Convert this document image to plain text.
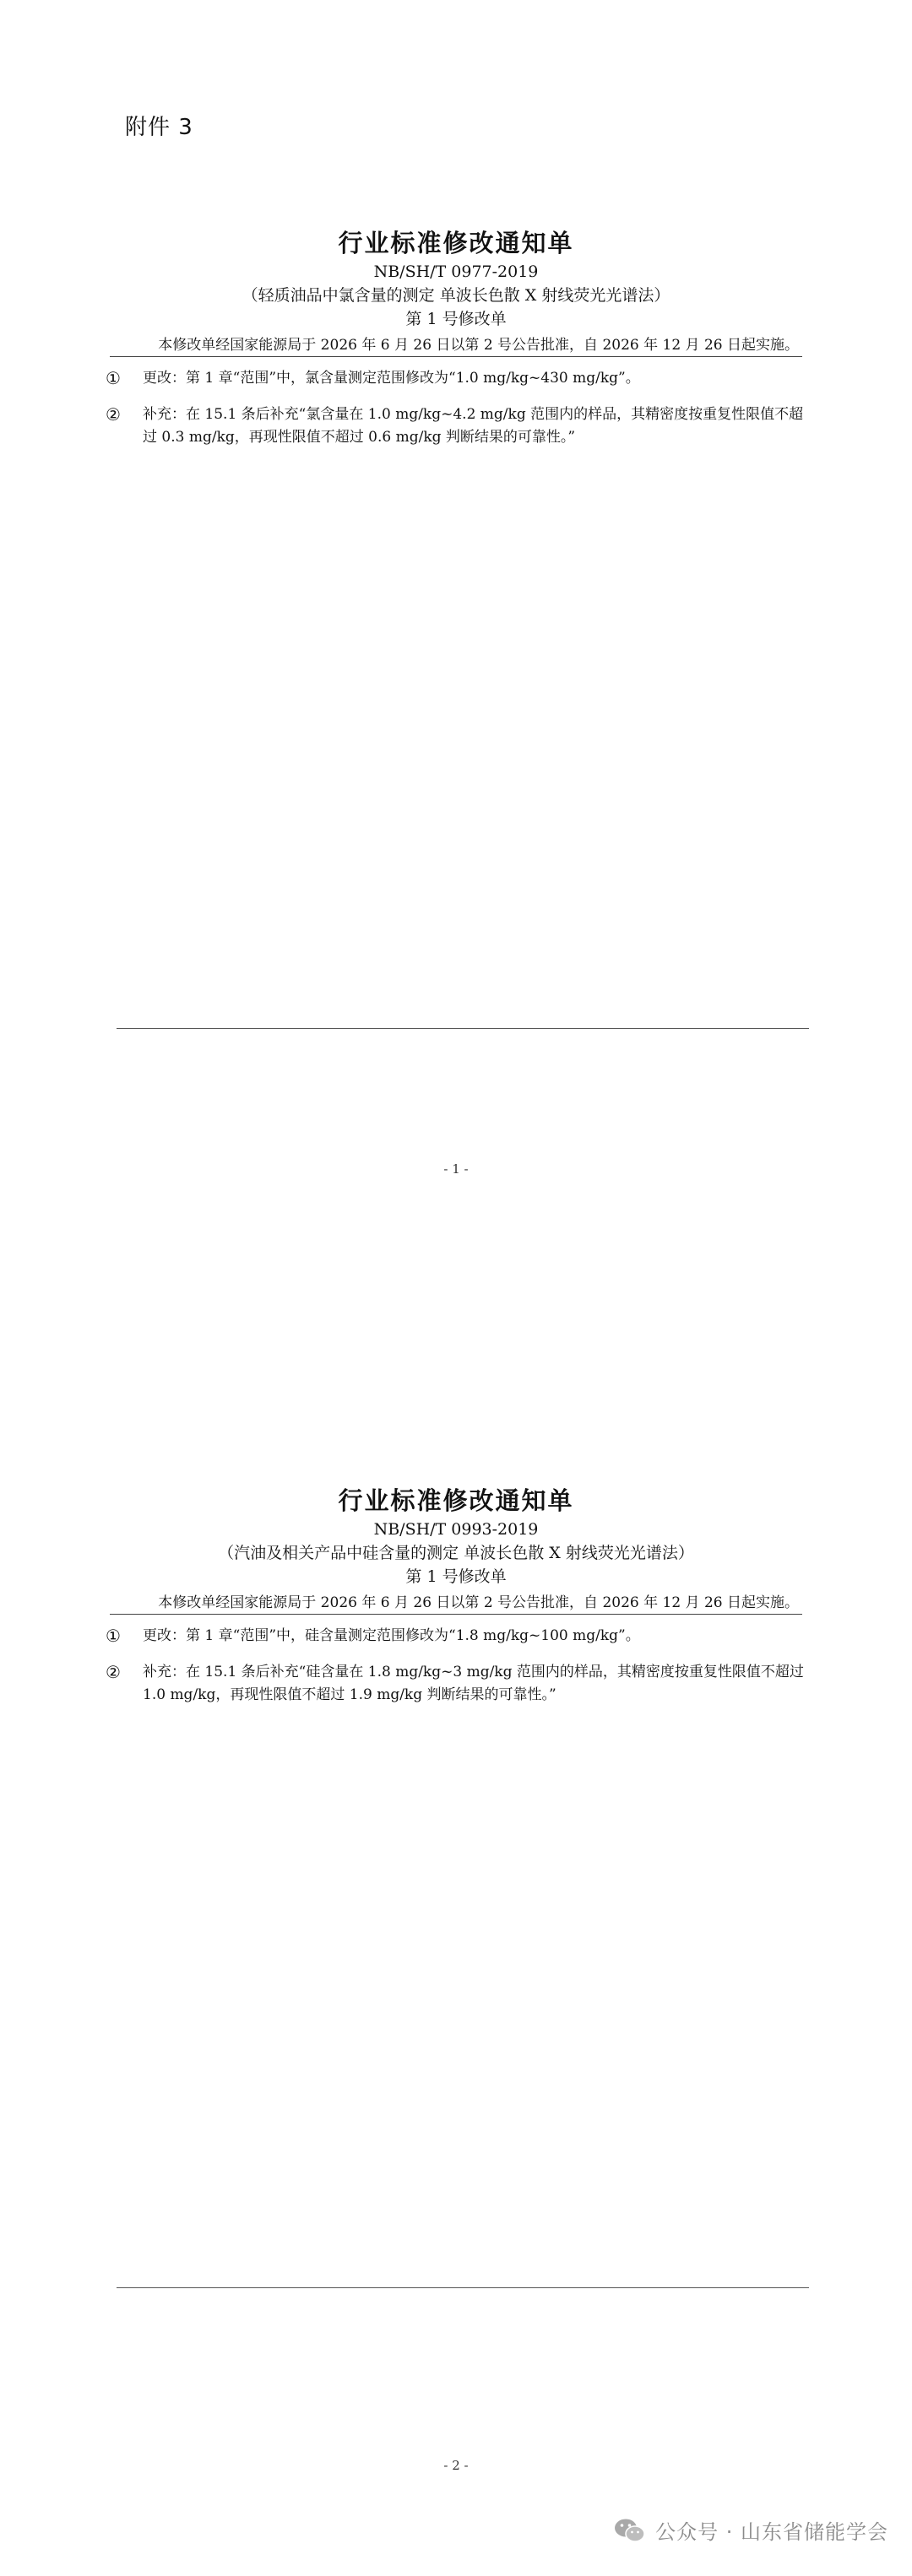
附件 3
行业标准修改通知单
NB/SH/T 0977-2019
（轻质油品中氯含量的测定 单波长色散 X 射线荧光光谱法）
第 1 号修改单
本修改单经国家能源局于 2026 年 6 月 26 日以第 2 号公告批准，自 2026 年 12 月 26 日起实施。
①	更改：第 1 章“范围”中，氯含量测定范围修改为“1.0 mg/kg~430 mg/kg”。
②	补充：在 15.1 条后补充“氯含量在 1.0 mg/kg~4.2 mg/kg 范围内的样品，其精密度按重复性限值不超过 0.3 mg/kg，再现性限值不超过 0.6 mg/kg 判断结果的可靠性。”
- 1 -
行业标准修改通知单
NB/SH/T 0993-2019
（汽油及相关产品中硅含量的测定 单波长色散 X 射线荧光光谱法）
第 1 号修改单
本修改单经国家能源局于 2026 年 6 月 26 日以第 2 号公告批准，自 2026 年 12 月 26 日起实施。
①	更改：第 1 章“范围”中，硅含量测定范围修改为“1.8 mg/kg~100 mg/kg”。
②	补充：在 15.1 条后补充“硅含量在 1.8 mg/kg~3 mg/kg 范围内的样品，其精密度按重复性限值不超过 1.0 mg/kg，再现性限值不超过 1.9 mg/kg 判断结果的可靠性。”
- 2 -
公众号 · 山东省储能学会
